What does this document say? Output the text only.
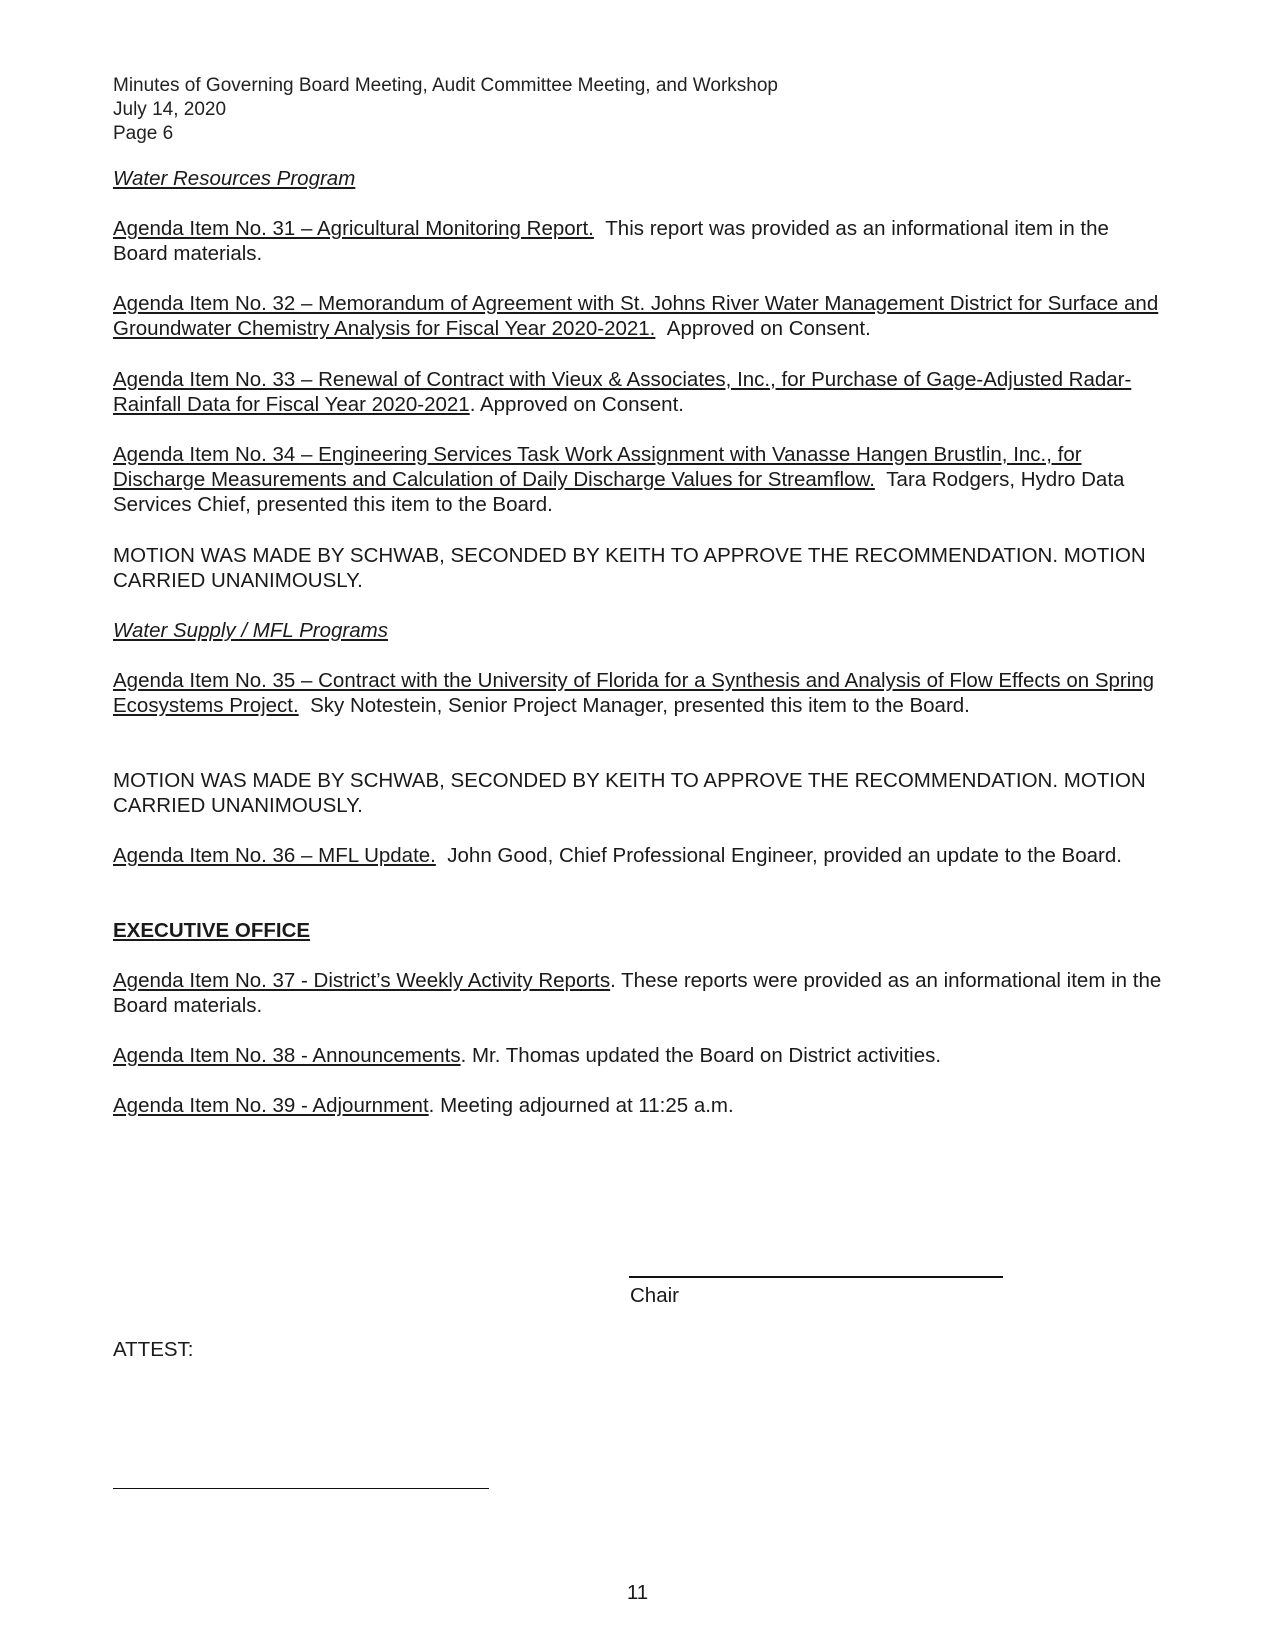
Minutes of Governing Board Meeting, Audit Committee Meeting, and Workshop
July 14, 2020
Page 6

Water Resources Program

Agenda Item No. 31 – Agricultural Monitoring Report. This report was provided as an informational item in the Board materials.

Agenda Item No. 32 – Memorandum of Agreement with St. Johns River Water Management District for Surface and Groundwater Chemistry Analysis for Fiscal Year 2020-2021. Approved on Consent.

Agenda Item No. 33 – Renewal of Contract with Vieux & Associates, Inc., for Purchase of Gage-Adjusted Radar-Rainfall Data for Fiscal Year 2020-2021. Approved on Consent.

Agenda Item No. 34 – Engineering Services Task Work Assignment with Vanasse Hangen Brustlin, Inc., for Discharge Measurements and Calculation of Daily Discharge Values for Streamflow. Tara Rodgers, Hydro Data Services Chief, presented this item to the Board.

MOTION WAS MADE BY SCHWAB, SECONDED BY KEITH TO APPROVE THE RECOMMENDATION. MOTION CARRIED UNANIMOUSLY.

Water Supply / MFL Programs

Agenda Item No. 35 – Contract with the University of Florida for a Synthesis and Analysis of Flow Effects on Spring Ecosystems Project. Sky Notestein, Senior Project Manager, presented this item to the Board.

MOTION WAS MADE BY SCHWAB, SECONDED BY KEITH TO APPROVE THE RECOMMENDATION. MOTION CARRIED UNANIMOUSLY.

Agenda Item No. 36 – MFL Update. John Good, Chief Professional Engineer, provided an update to the Board.

EXECUTIVE OFFICE

Agenda Item No. 37 - District’s Weekly Activity Reports. These reports were provided as an informational item in the Board materials.

Agenda Item No. 38 - Announcements. Mr. Thomas updated the Board on District activities.

Agenda Item No. 39 - Adjournment. Meeting adjourned at 11:25 a.m.

Chair
ATTEST:
11
